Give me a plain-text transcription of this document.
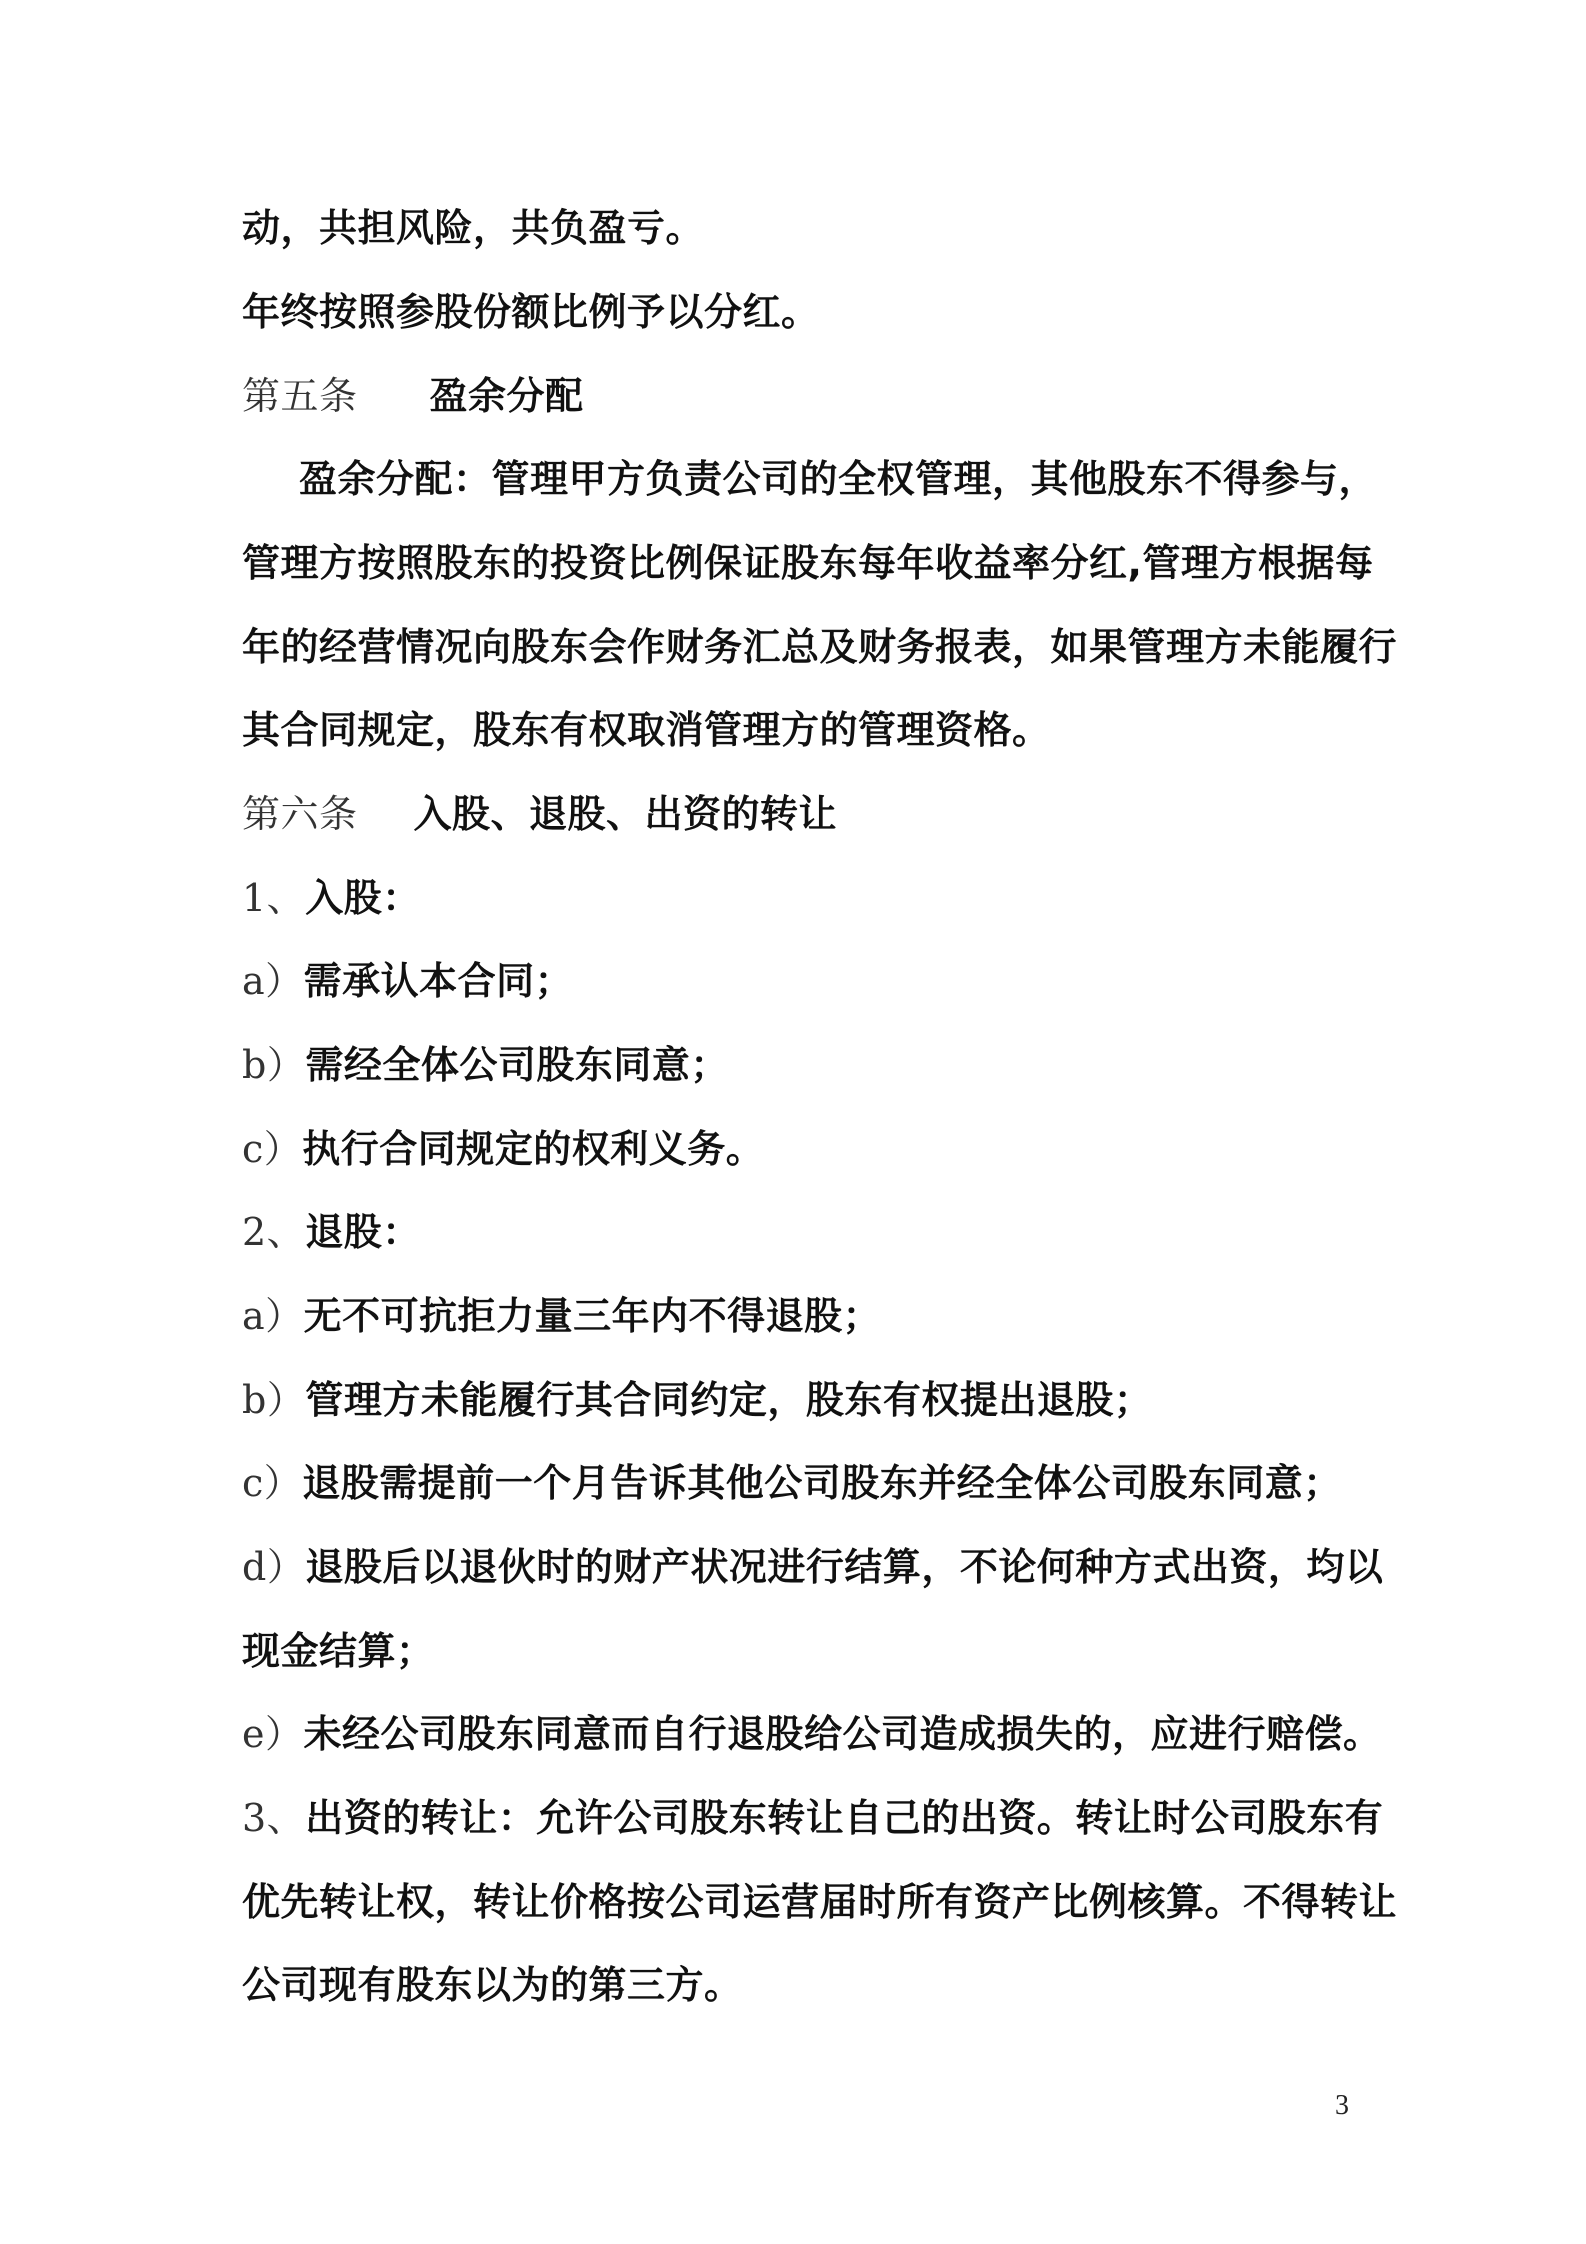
动，共担风险，共负盈亏。
年终按照参股份额比例予以分红。
第五条 盈余分配
盈余分配：管理甲方负责公司的全权管理，其他股东不得参与，
管理方按照股东的投资比例保证股东每年收益率分红,管理方根据每
年的经营情况向股东会作财务汇总及财务报表，如果管理方未能履行
其合同规定，股东有权取消管理方的管理资格。
第六条 入股、退股、出资的转让
1、入股：
a）需承认本合同；
b）需经全体公司股东同意；
c）执行合同规定的权利义务。
2、退股：
a）无不可抗拒力量三年内不得退股；
b）管理方未能履行其合同约定，股东有权提出退股；
c）退股需提前一个月告诉其他公司股东并经全体公司股东同意；
d）退股后以退伙时的财产状况进行结算，不论何种方式出资，均以
现金结算；
e）未经公司股东同意而自行退股给公司造成损失的，应进行赔偿。
3、出资的转让：允许公司股东转让自己的出资。转让时公司股东有
优先转让权，转让价格按公司运营届时所有资产比例核算。不得转让
公司现有股东以为的第三方。
3
